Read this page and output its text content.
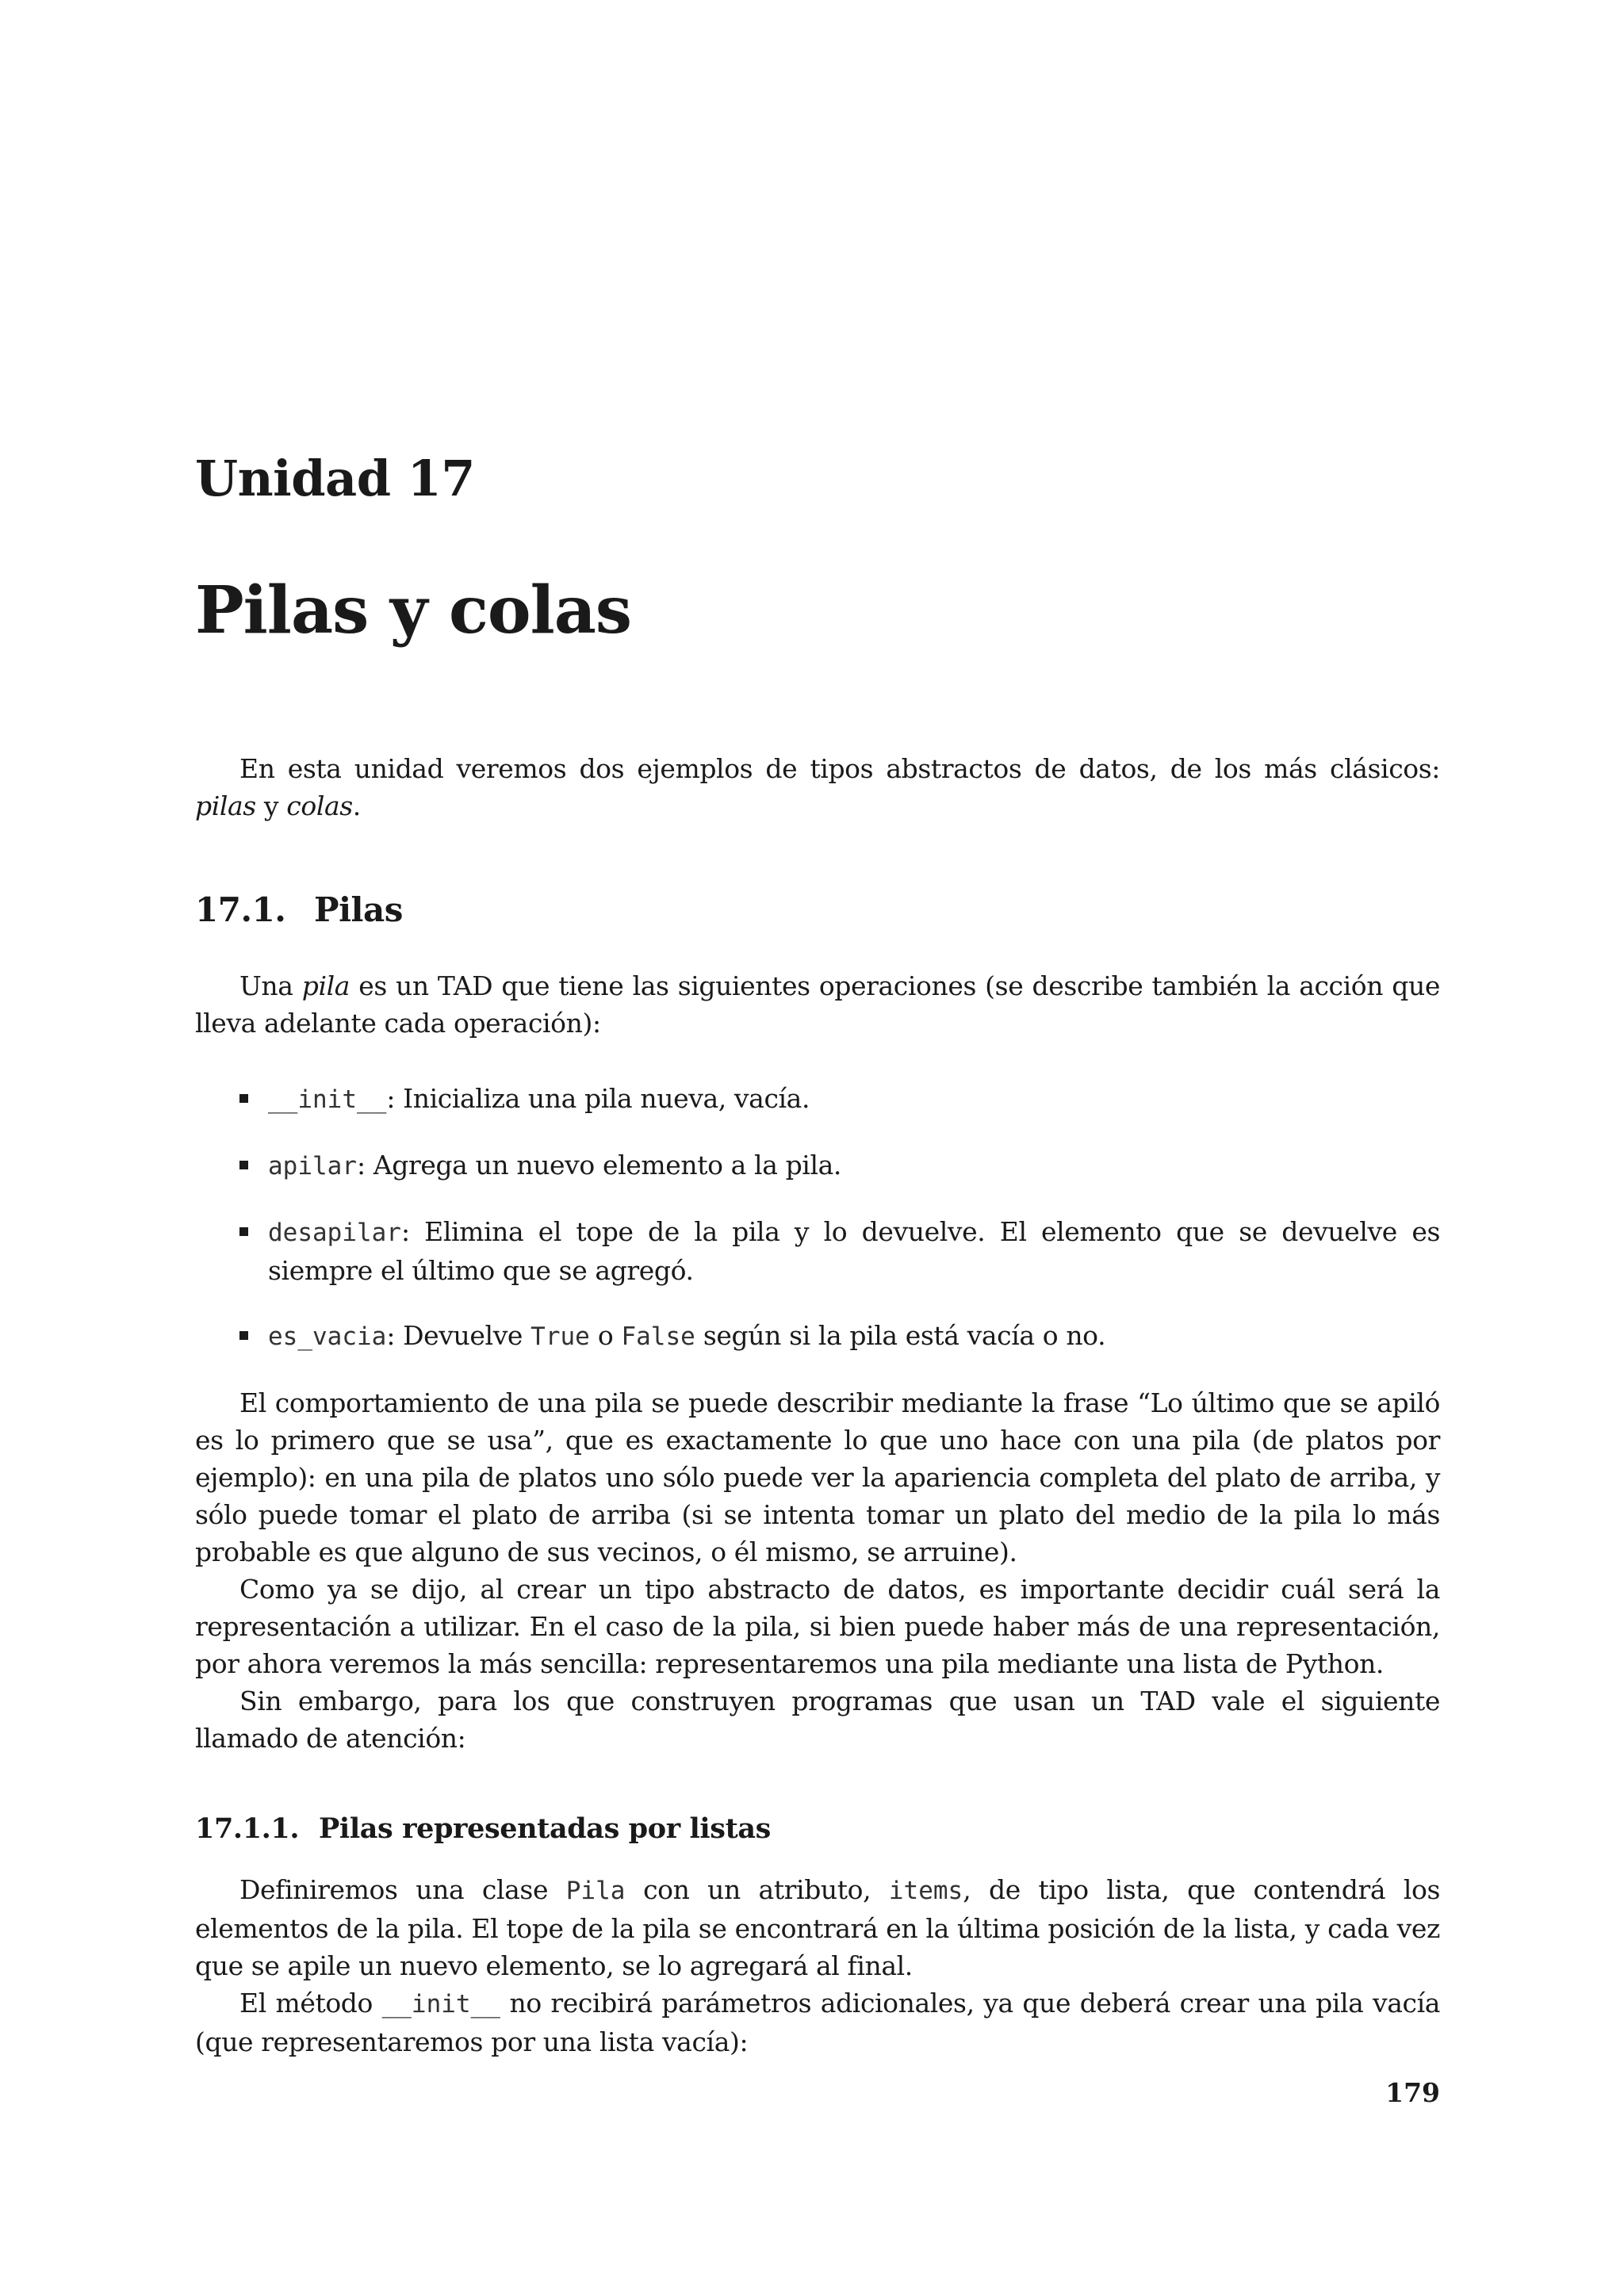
Unidad 17
Pilas y colas

En esta unidad veremos dos ejemplos de tipos abstractos de datos, de los más clásicos: pilas y colas.

17.1. Pilas

Una pila es un TAD que tiene las siguientes operaciones (se describe también la acción que lleva adelante cada operación):

__init__: Inicializa una pila nueva, vacía.
apilar: Agrega un nuevo elemento a la pila.
desapilar: Elimina el tope de la pila y lo devuelve. El elemento que se devuelve es siempre el último que se agregó.
es_vacia: Devuelve True o False según si la pila está vacía o no.

El comportamiento de una pila se puede describir mediante la frase “Lo último que se apiló es lo primero que se usa”, que es exactamente lo que uno hace con una pila (de platos por ejemplo): en una pila de platos uno sólo puede ver la apariencia completa del plato de arriba, y sólo puede tomar el plato de arriba (si se intenta tomar un plato del medio de la pila lo más probable es que alguno de sus vecinos, o él mismo, se arruine).

Como ya se dijo, al crear un tipo abstracto de datos, es importante decidir cuál será la representación a utilizar. En el caso de la pila, si bien puede haber más de una representación, por ahora veremos la más sencilla: representaremos una pila mediante una lista de Python.

Sin embargo, para los que construyen programas que usan un TAD vale el siguiente llamado de atención:

17.1.1. Pilas representadas por listas

Definiremos una clase Pila con un atributo, items, de tipo lista, que contendrá los elementos de la pila. El tope de la pila se encontrará en la última posición de la lista, y cada vez que se apile un nuevo elemento, se lo agregará al final.

El método __init__ no recibirá parámetros adicionales, ya que deberá crear una pila vacía (que representaremos por una lista vacía):

179
